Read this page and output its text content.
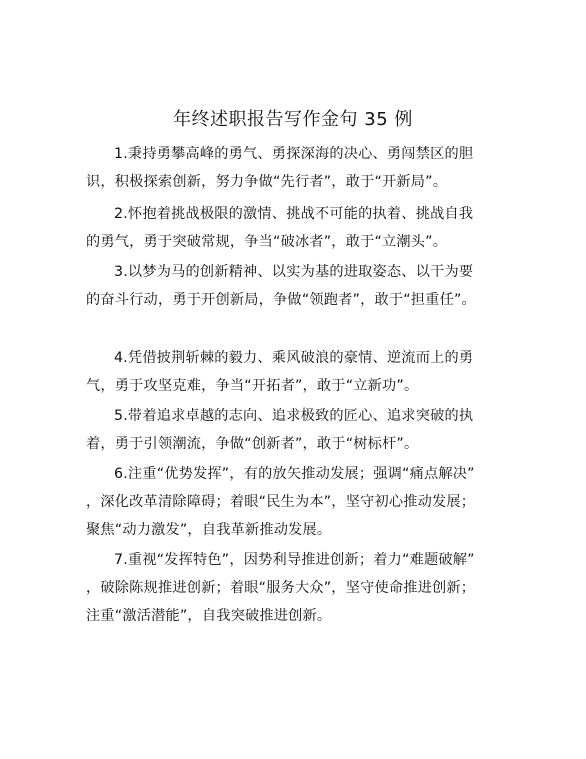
年终述职报告写作金句 35 例
1.秉持勇攀高峰的勇气、勇探深海的决心、勇闯禁区的胆
识，积极探索创新，努力争做“先行者”，敢于“开新局”。
2.怀抱着挑战极限的激情、挑战不可能的执着、挑战自我
的勇气，勇于突破常规，争当“破冰者”，敢于“立潮头”。
3.以梦为马的创新精神、以实为基的进取姿态、以干为要
的奋斗行动，勇于开创新局，争做“领跑者”，敢于“担重任”。
4.凭借披荆斩棘的毅力、乘风破浪的豪情、逆流而上的勇
气，勇于攻坚克难，争当“开拓者”，敢于“立新功”。
5.带着追求卓越的志向、追求极致的匠心、追求突破的执
着，勇于引领潮流，争做“创新者”，敢于“树标杆”。
6.注重“优势发挥”，有的放矢推动发展；强调“痛点解决”
，深化改革清除障碍；着眼“民生为本”，坚守初心推动发展；
聚焦“动力激发”，自我革新推动发展。
7.重视“发挥特色”，因势利导推进创新；着力“难题破解”
，破除陈规推进创新；着眼“服务大众”，坚守使命推进创新；
注重“激活潜能”，自我突破推进创新。
